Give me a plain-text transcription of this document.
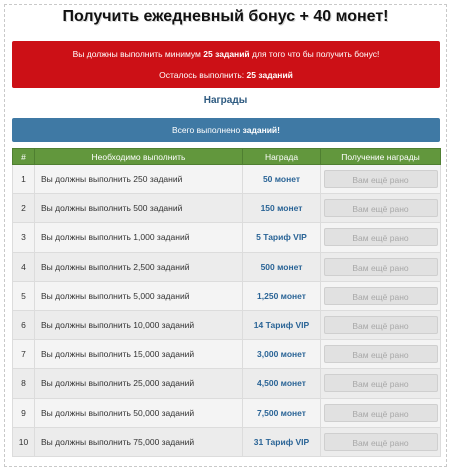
Получить ежедневный бонус + 40 монет!
Вы должны выполнить минимум 25 заданий для того что бы получить бонус!
Осталось выполнить: 25 заданий
Награды
Всего выполнено заданий!
#	Необходимо выполнить	Награда	Получение награды
1	Вы должны выполнить 250 заданий	50 монет	Вам ещё рано
2	Вы должны выполнить 500 заданий	150 монет	Вам ещё рано
3	Вы должны выполнить 1,000 заданий	5 Тариф VIP	Вам ещё рано
4	Вы должны выполнить 2,500 заданий	500 монет	Вам ещё рано
5	Вы должны выполнить 5,000 заданий	1,250 монет	Вам ещё рано
6	Вы должны выполнить 10,000 заданий	14 Тариф VIP	Вам ещё рано
7	Вы должны выполнить 15,000 заданий	3,000 монет	Вам ещё рано
8	Вы должны выполнить 25,000 заданий	4,500 монет	Вам ещё рано
9	Вы должны выполнить 50,000 заданий	7,500 монет	Вам ещё рано
10	Вы должны выполнить 75,000 заданий	31 Тариф VIP	Вам ещё рано
